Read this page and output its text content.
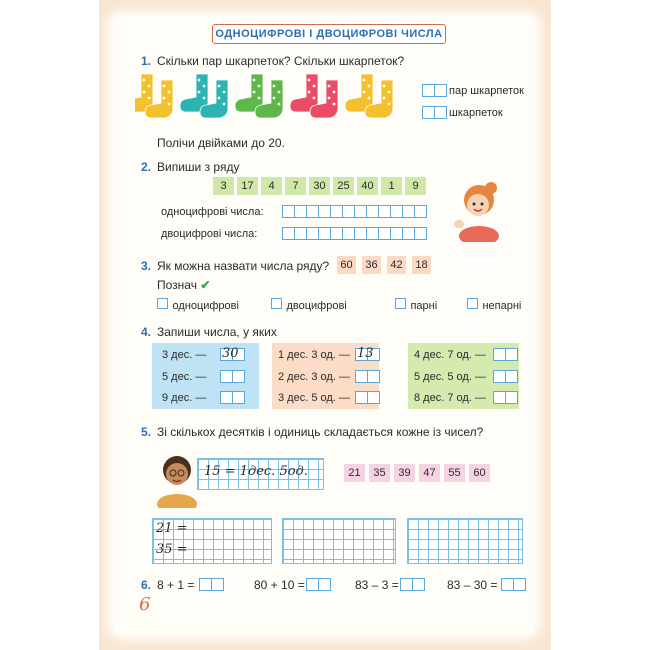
ОДНОЦИФРОВІ І ДВОЦИФРОВІ ЧИСЛА
1. Скільки пар шкарпеток? Скільки шкарпеток?
пар шкарпеток
шкарпеток
Полічи двійками до 20.
2. Випиши з ряду
3	17	4	7	30	25	40	1	9
одноцифрові числа:
двоцифрові числа:
3. Як можна назвати числа ряду?	60	36	42	18
Познач ✔
одноцифрові	двоцифрові	парні	непарні
4. Запиши числа, у яких
3 дес. — 30
5 дес. —
9 дес. —
1 дес. 3 од. — 13
2 дес. 3 од. —
3 дес. 5 од. —
4 дес. 7 од. —
5 дес. 5 од. —
8 дес. 7 од. —
5. Зі скількох десятків і одиниць складається кожне із чисел?
15 = 1дес. 5од.	21	35	39	47	55	60
21 =
35 =
6. 8 + 1 =	80 + 10 =	83 – 3 =	83 – 30 =
6
